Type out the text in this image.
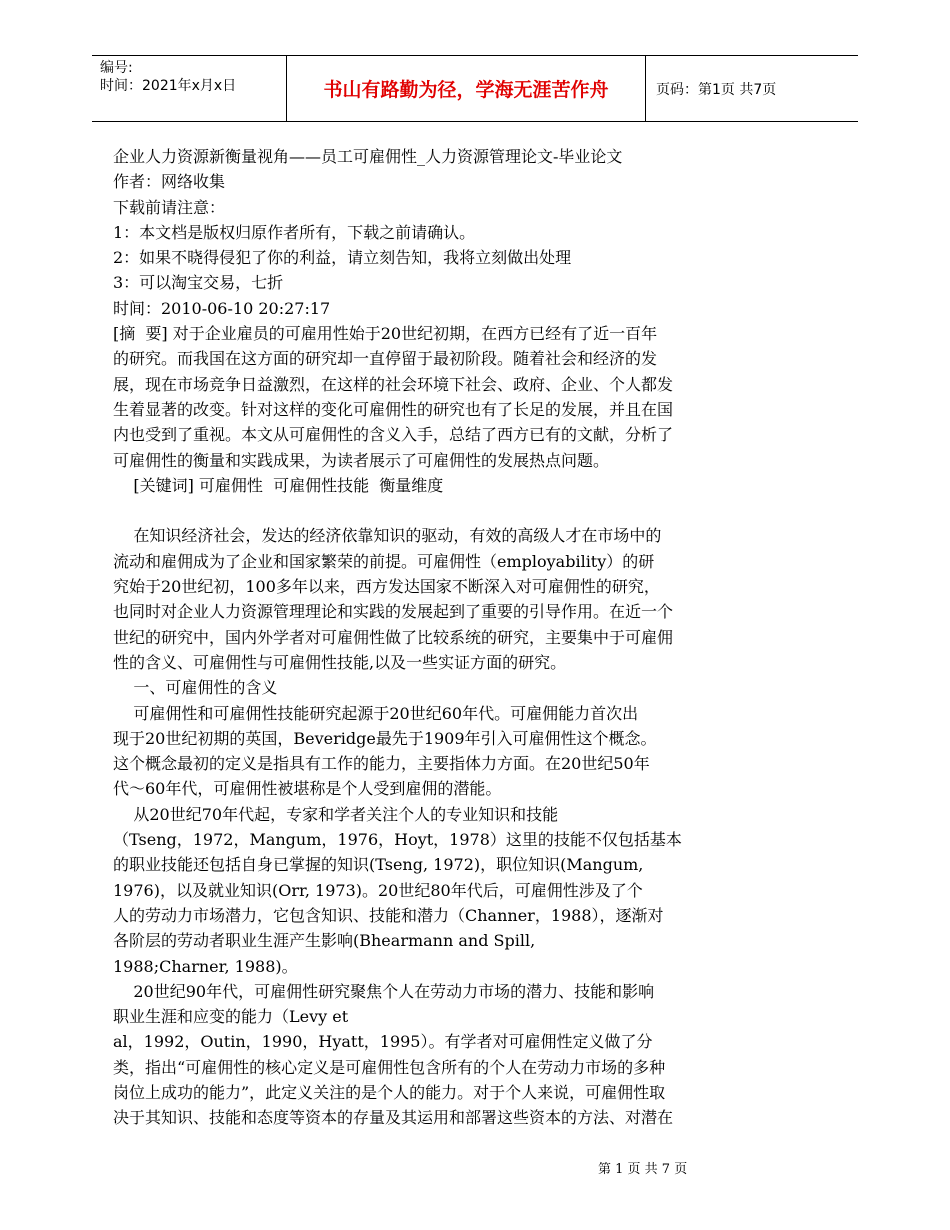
编号:
时间：2021年x月x日	书山有路勤为径，学海无涯苦作舟	页码：第1页 共7页
企业人力资源新衡量视角——员工可雇佣性_人力资源管理论文-毕业论文
作者：网络收集
下载前请注意：
1：本文档是版权归原作者所有，下载之前请确认。
2：如果不晓得侵犯了你的利益，请立刻告知，我将立刻做出处理
3：可以淘宝交易，七折
时间：2010-06-10 20:27:17
[摘  要] 对于企业雇员的可雇用性始于20世纪初期，在西方已经有了近一百年
的研究。而我国在这方面的研究却一直停留于最初阶段。随着社会和经济的发
展，现在市场竞争日益激烈，在这样的社会环境下社会、政府、企业、个人都发
生着显著的改变。针对这样的变化可雇佣性的研究也有了长足的发展，并且在国
内也受到了重视。本文从可雇佣性的含义入手，总结了西方已有的文献，分析了
可雇佣性的衡量和实践成果，为读者展示了可雇佣性的发展热点问题。
[关键词] 可雇佣性  可雇佣性技能  衡量维度
在知识经济社会，发达的经济依靠知识的驱动，有效的高级人才在市场中的
流动和雇佣成为了企业和国家繁荣的前提。可雇佣性（employability）的研
究始于20世纪初，100多年以来，西方发达国家不断深入对可雇佣性的研究，
也同时对企业人力资源管理理论和实践的发展起到了重要的引导作用。在近一个
世纪的研究中，国内外学者对可雇佣性做了比较系统的研究，主要集中于可雇佣
性的含义、可雇佣性与可雇佣性技能,以及一些实证方面的研究。
一、可雇佣性的含义
可雇佣性和可雇佣性技能研究起源于20世纪60年代。可雇佣能力首次出
现于20世纪初期的英国，Beveridge最先于1909年引入可雇佣性这个概念。
这个概念最初的定义是指具有工作的能力，主要指体力方面。在20世纪50年
代～60年代，可雇佣性被堪称是个人受到雇佣的潜能。
从20世纪70年代起，专家和学者关注个人的专业知识和技能
（Tseng，1972，Mangum，1976，Hoyt，1978）这里的技能不仅包括基本
的职业技能还包括自身已掌握的知识(Tseng, 1972)，职位知识(Mangum,
1976)，以及就业知识(Orr, 1973)。20世纪80年代后，可雇佣性涉及了个
人的劳动力市场潜力，它包含知识、技能和潜力（Channer，1988），逐渐对
各阶层的劳动者职业生涯产生影响(Bhearmann and Spill,
1988;Charner, 1988)。
20世纪90年代，可雇佣性研究聚焦个人在劳动力市场的潜力、技能和影响
职业生涯和应变的能力（Levy et
al，1992，Outin，1990，Hyatt，1995）。有学者对可雇佣性定义做了分
类，指出“可雇佣性的核心定义是可雇佣性包含所有的个人在劳动力市场的多种
岗位上成功的能力”，此定义关注的是个人的能力。对于个人来说，可雇佣性取
决于其知识、技能和态度等资本的存量及其运用和部署这些资本的方法、对潜在
第 1 页 共 7 页
